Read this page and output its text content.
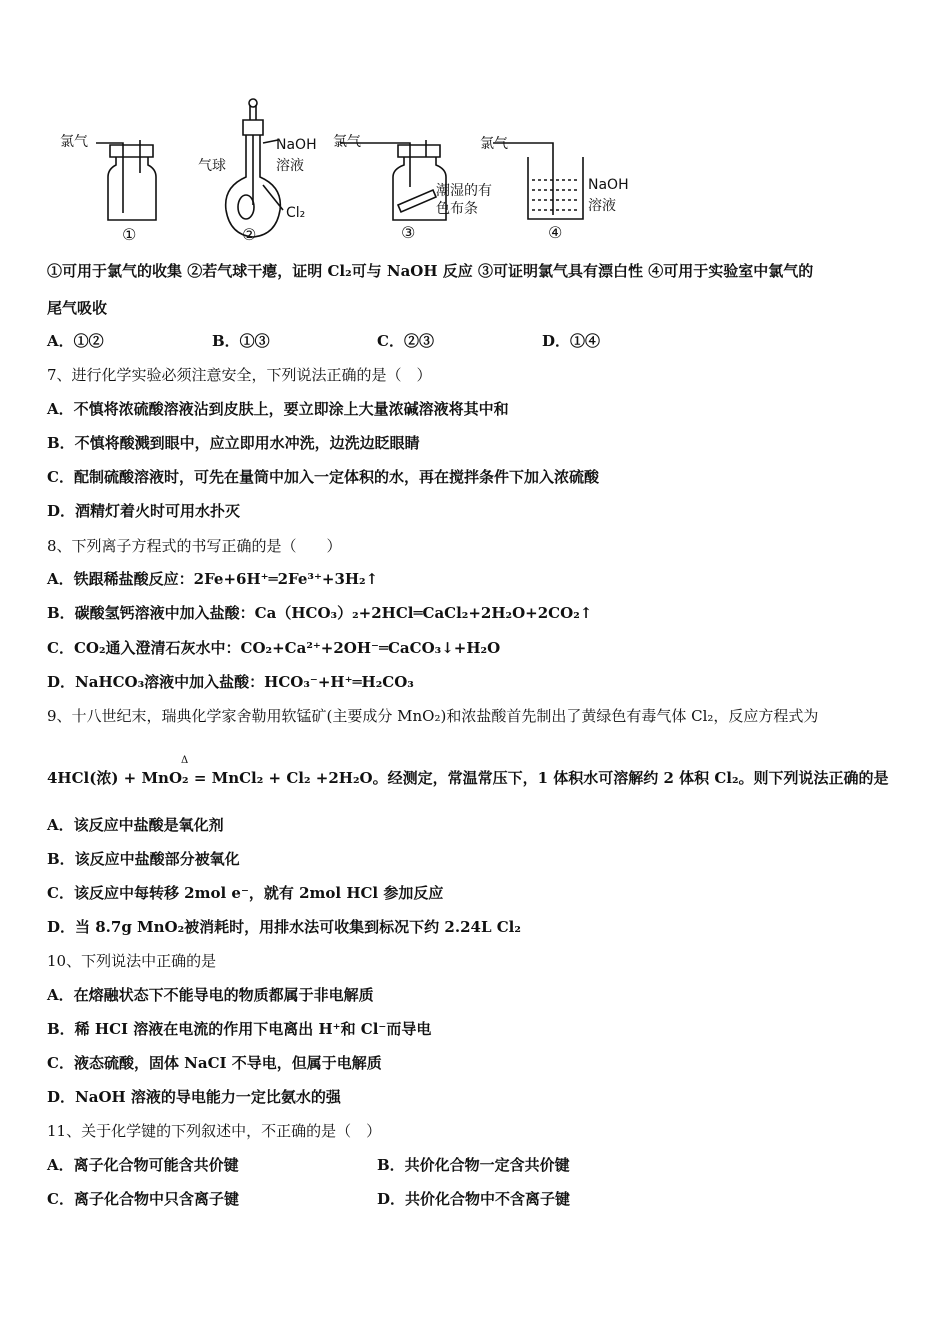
氯气	NaOH
溶液
气球
Cl₂
氯气
潮湿的有
色布条
氯气
NaOH
溶液
①	②	③	④
①可用于氯气的收集 ②若气球干瘪，证明 Cl₂可与 NaOH 反应 ③可证明氯气具有漂白性 ④可用于实验室中氯气的
尾气吸收
A．①②	B．①③	C．②③	D．①④
7、进行化学实验必须注意安全，下列说法正确的是（　）
A．不慎将浓硫酸溶液沾到皮肤上，要立即涂上大量浓碱溶液将其中和
B．不慎将酸溅到眼中，应立即用水冲洗，边洗边眨眼睛
C．配制硫酸溶液时，可先在量筒中加入一定体积的水，再在搅拌条件下加入浓硫酸
D．酒精灯着火时可用水扑灭
8、下列离子方程式的书写正确的是（　　）
A．铁跟稀盐酸反应：2Fe+6H⁺═2Fe³⁺+3H₂↑
B．碳酸氢钙溶液中加入盐酸：Ca（HCO₃）₂+2HCl═CaCl₂+2H₂O+2CO₂↑
C．CO₂通入澄清石灰水中：CO₂+Ca²⁺+2OH⁻═CaCO₃↓+H₂O
D．NaHCO₃溶液中加入盐酸：HCO₃⁻+H⁺═H₂CO₃
9、十八世纪末，瑞典化学家舍勒用软锰矿(主要成分 MnO₂)和浓盐酸首先制出了黄绿色有毒气体 Cl₂，反应方程式为
Δ
4HCl(浓) + MnO₂ = MnCl₂ + Cl₂ +2H₂O。经测定，常温常压下，1 体积水可溶解约 2 体积 Cl₂。则下列说法正确的是
A．该反应中盐酸是氧化剂
B．该反应中盐酸部分被氧化
C．该反应中每转移 2mol e⁻，就有 2mol HCl 参加反应
D．当 8.7g MnO₂被消耗时，用排水法可收集到标况下约 2.24L Cl₂
10、下列说法中正确的是
A．在熔融状态下不能导电的物质都属于非电解质
B．稀 HCI 溶液在电流的作用下电离出 H⁺和 Cl⁻而导电
C．液态硫酸，固体 NaCI 不导电，但属于电解质
D．NaOH 溶液的导电能力一定比氨水的强
11、关于化学键的下列叙述中，不正确的是（　）
A．离子化合物可能含共价键	B．共价化合物一定含共价键
C．离子化合物中只含离子键	D．共价化合物中不含离子键
